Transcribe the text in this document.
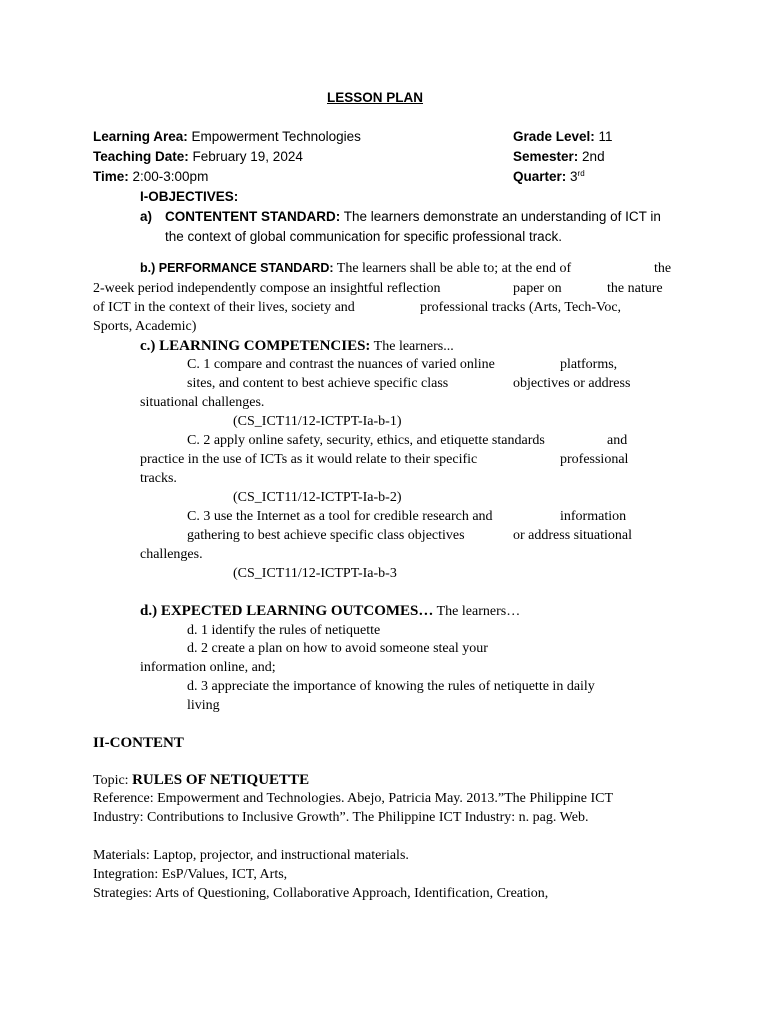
LESSON PLAN
Learning Area: Empowerment Technologies
Teaching Date: February 19, 2024
Time: 2:00-3:00pm
Grade Level: 11
Semester: 2nd
Quarter: 3rd
I-OBJECTIVES:
a) CONTENTENT STANDARD: The learners demonstrate an understanding of ICT in
the context of global communication for specific professional track.
b.) PERFORMANCE STANDARD: The learners shall be able to; at the end of	the
2-week period independently compose an insightful reflection	paper on	the nature
of ICT in the context of their lives, society and	professional tracks (Arts, Tech-Voc,
Sports, Academic)
c.) LEARNING COMPETENCIES: The learners...
C. 1 compare and contrast the nuances of varied online	platforms,
sites, and content to best achieve specific class	objectives or address
situational challenges.
(CS_ICT11/12-ICTPT-Ia-b-1)
C. 2 apply online safety, security, ethics, and etiquette standards	and
practice in the use of ICTs as it would relate to their specific	professional
tracks.
(CS_ICT11/12-ICTPT-Ia-b-2)
C. 3 use the Internet as a tool for credible research and	information
gathering to best achieve specific class objectives	or address situational
challenges.
(CS_ICT11/12-ICTPT-Ia-b-3
d.) EXPECTED LEARNING OUTCOMES… The learners…
d. 1 identify the rules of netiquette
d. 2 create a plan on how to avoid someone steal your
information online, and;
d. 3 appreciate the importance of knowing the rules of netiquette in daily
living
II-CONTENT
Topic: RULES OF NETIQUETTE
Reference: Empowerment and Technologies. Abejo, Patricia May. 2013.”The Philippine ICT
Industry: Contributions to Inclusive Growth”. The Philippine ICT Industry: n. pag. Web.
Materials: Laptop, projector, and instructional materials.
Integration: EsP/Values, ICT, Arts,
Strategies: Arts of Questioning, Collaborative Approach, Identification, Creation,
